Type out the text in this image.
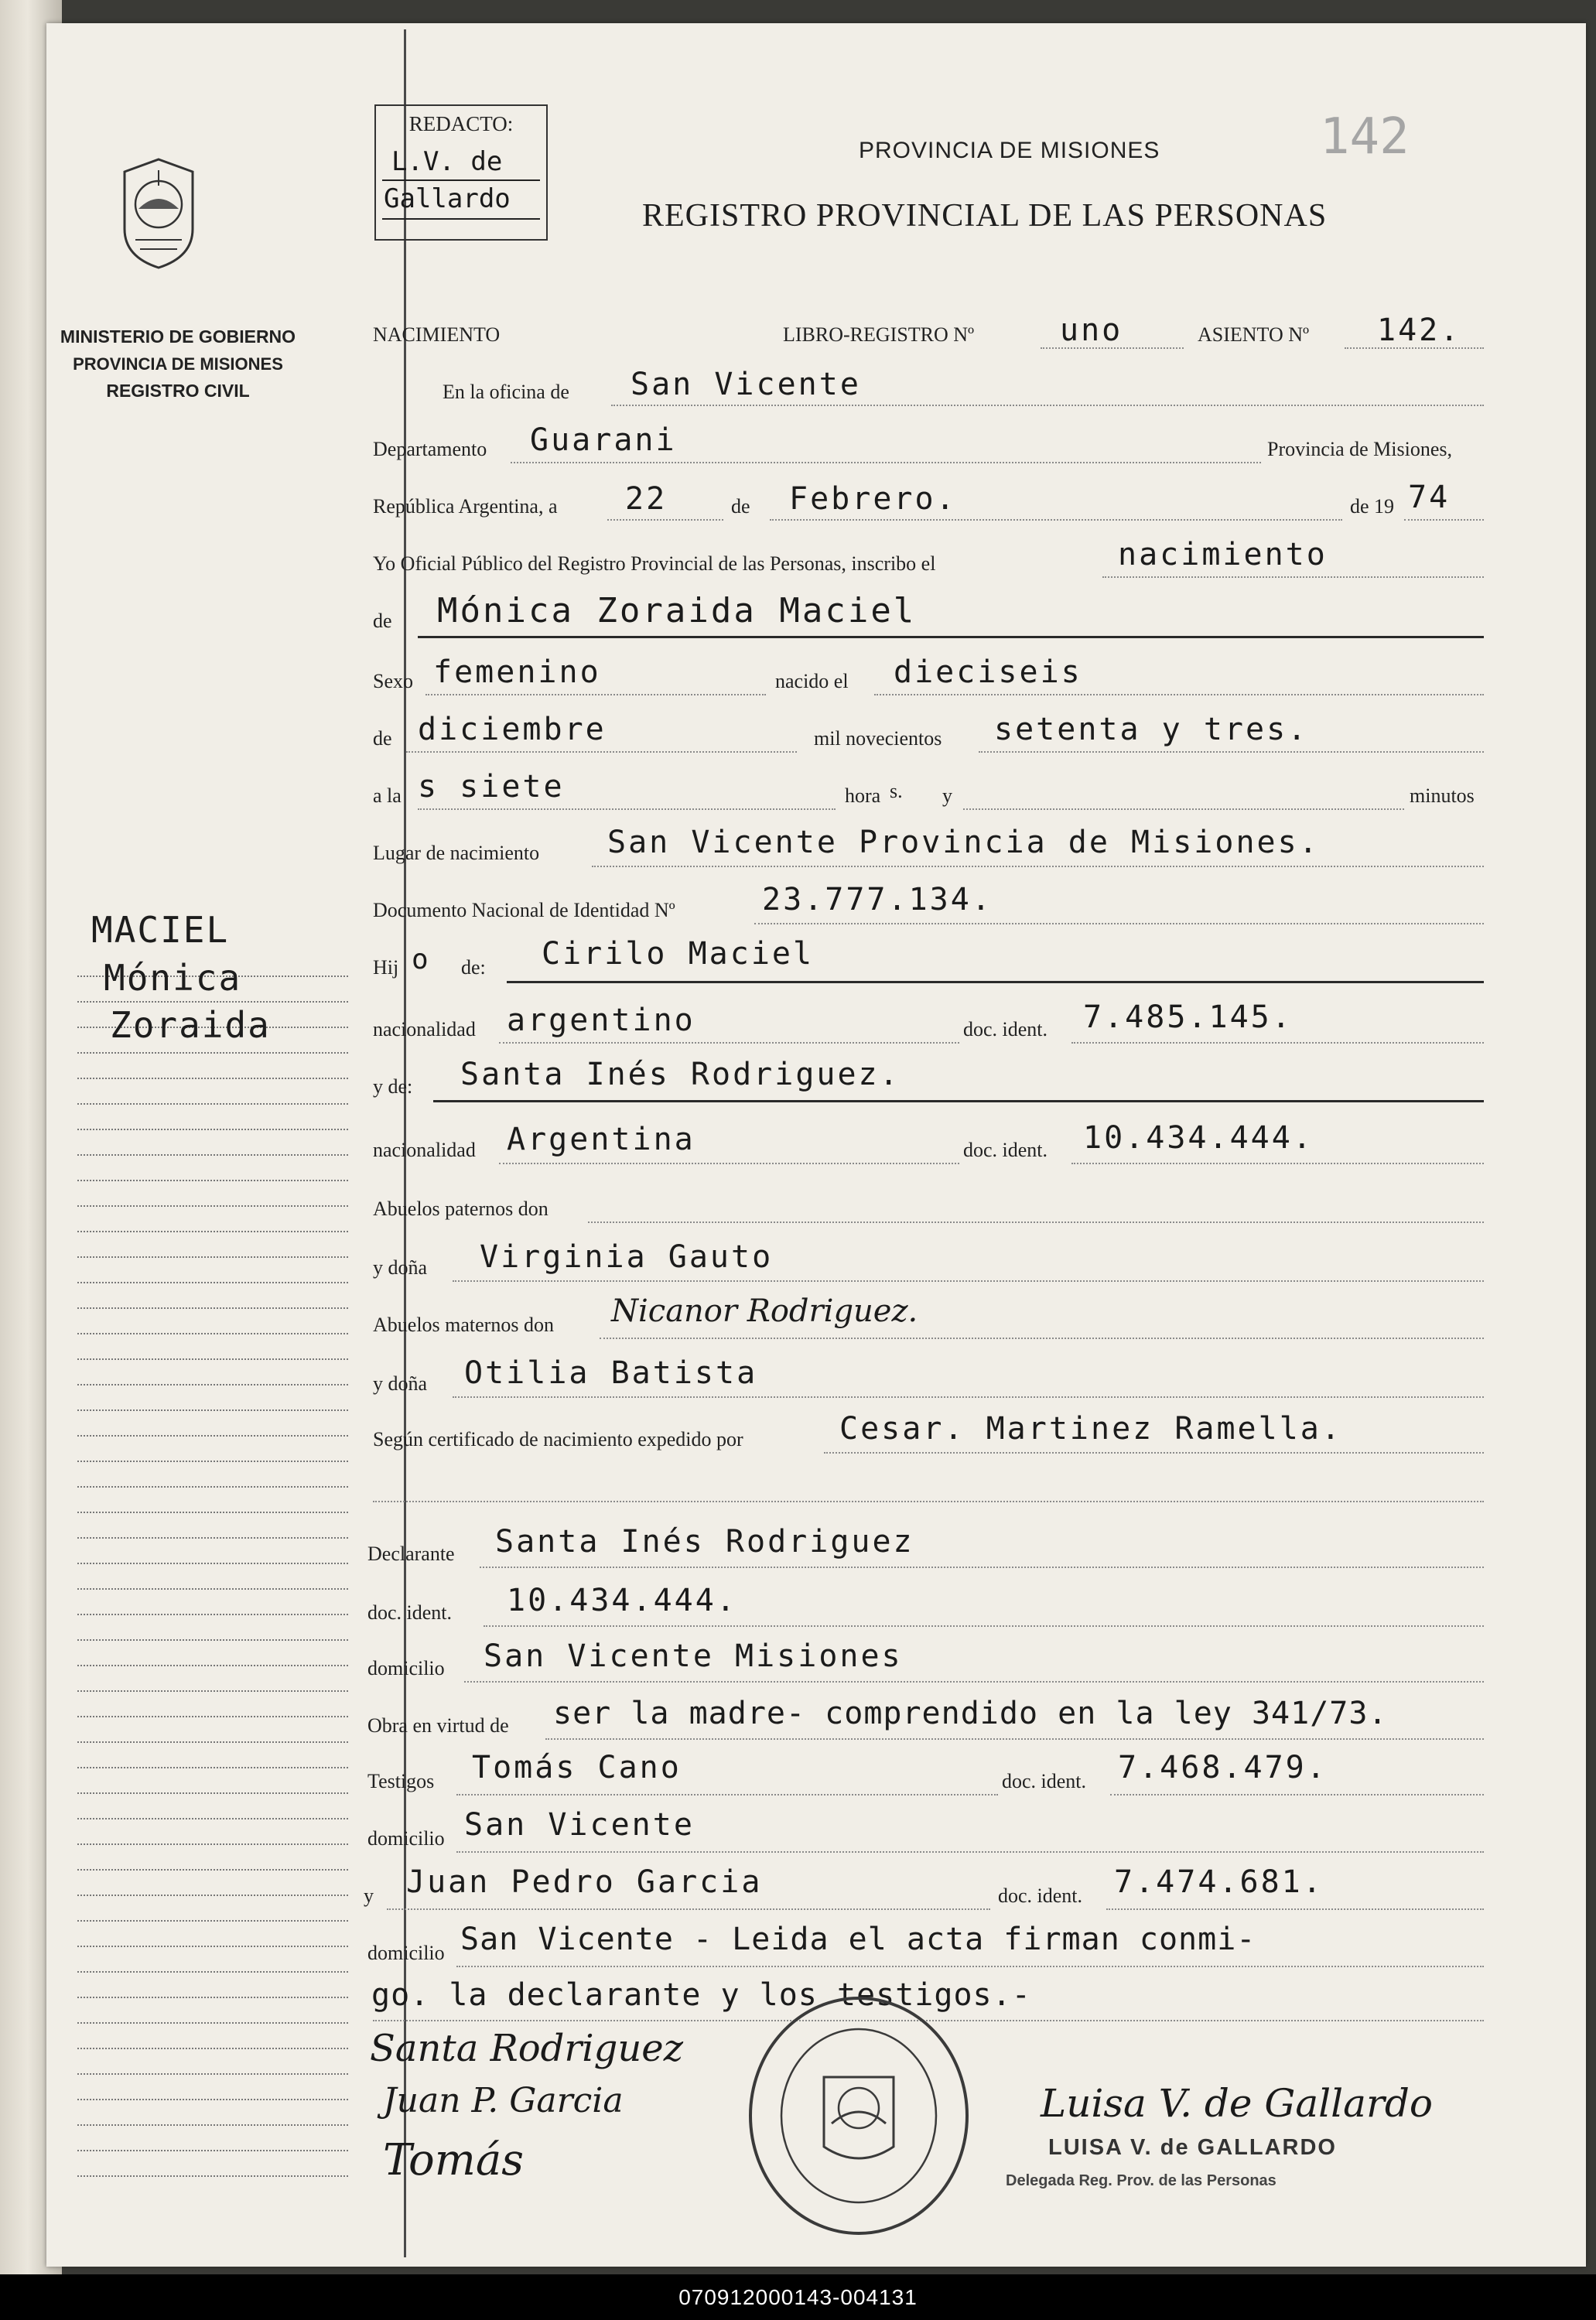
MINISTERIO DE GOBIERNO
PROVINCIA DE MISIONES
REGISTRO CIVIL
MACIEL
Mónica
Zoraida
REDACTO:
L.V. de
Gallardo
PROVINCIA DE MISIONES	142
REGISTRO PROVINCIAL DE LAS PERSONAS
NACIMIENTO	LIBRO-REGISTRO Nº	uno	ASIENTO Nº 142.
En la oficina de San Vicente
Departamento Guarani	Provincia de Misiones,
República Argentina, a 22	de Febrero.	de 19 74
Yo Oficial Público del Registro Provincial de las Personas, inscribo el	nacimiento
de Mónica Zoraida Maciel
Sexo femenino	nacido el dieciseis
de diciembre	mil novecientos setenta y tres.
a la s siete	hora s. y	minutos
Lugar de nacimiento San Vicente Provincia de Misiones.
Documento Nacional de Identidad Nº	23.777.134.
Hij o de: Cirilo Maciel
nacionalidad argentino	doc. ident. 7.485.145.
y de: Santa Inés Rodriguez.
nacionalidad Argentina	doc. ident. 10.434.444.
Abuelos paternos don
y doña Virginia Gauto
Abuelos maternos don Nicanor Rodriguez.
y doña Otilia Batista
Según certificado de nacimiento expedido por	Cesar. Martinez Ramella.
Declarante Santa Inés Rodriguez
doc. ident. 10.434.444.
domicilio San Vicente Misiones
Obra en virtud de ser la madre- comprendido en la ley 341/73.
Testigos Tomás Cano	doc. ident. 7.468.479.
domicilio San Vicente
y Juan Pedro Garcia	doc. ident. 7.474.681.
domicilio San Vicente - Leida el acta firman conmi-
go. la declarante y los testigos.-
Santa Rodriguez
Juan P. Garcia
Tomás
Luisa V. de Gallardo
LUISA V. de GALLARDO
Delegada Reg. Prov. de las Personas
070912000143-004131
